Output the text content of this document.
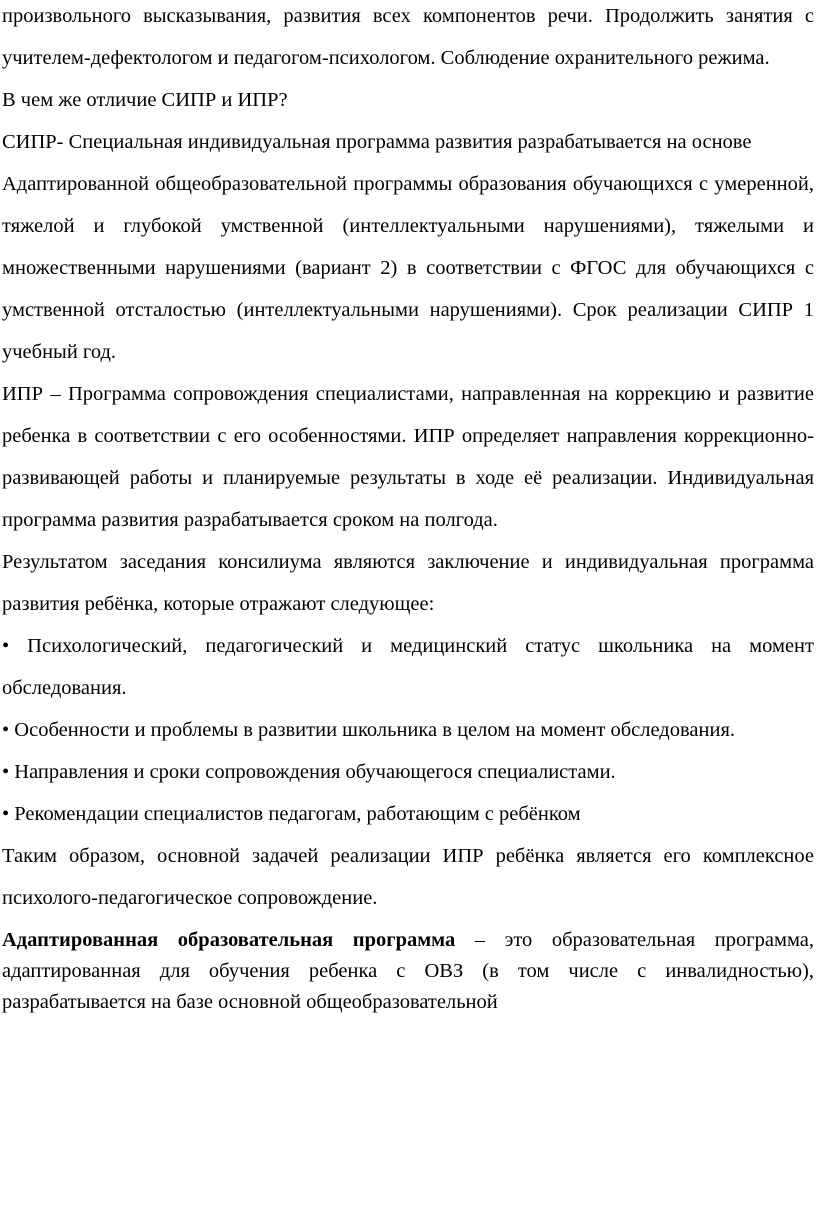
произвольного высказывания, развития всех компонентов речи. Продолжить занятия с учителем-дефектологом и педагогом-психологом. Соблюдение охранительного режима.

В чем же отличие СИПР и ИПР?

СИПР- Специальная индивидуальная программа развития разрабатывается на основе

Адаптированной общеобразовательной программы образования обучающихся с умеренной, тяжелой и глубокой умственной (интеллектуальными нарушениями), тяжелыми и множественными нарушениями (вариант 2) в соответствии с ФГОС для обучающихся с умственной отсталостью (интеллектуальными нарушениями). Срок реализации СИПР 1 учебный год.

ИПР – Программа сопровождения специалистами, направленная на коррекцию и развитие ребенка в соответствии с его особенностями. ИПР определяет направления коррекционно-развивающей работы и планируемые результаты в ходе её реализации. Индивидуальная программа развития разрабатывается сроком на полгода.

Результатом заседания консилиума являются заключение и индивидуальная программа развития ребёнка, которые отражают следующее:

• Психологический, педагогический и медицинский статус школьника на момент обследования.

• Особенности и проблемы в развитии школьника в целом на момент обследования.

• Направления и сроки сопровождения обучающегося специалистами.

• Рекомендации специалистов педагогам, работающим с ребёнком

Таким образом, основной задачей реализации ИПР ребёнка является его комплексное психолого-педагогическое сопровождение.

Адаптированная образовательная программа – это образовательная программа, адаптированная для обучения ребенка с ОВЗ (в том числе с инвалидностью), разрабатывается на базе основной общеобразовательной
